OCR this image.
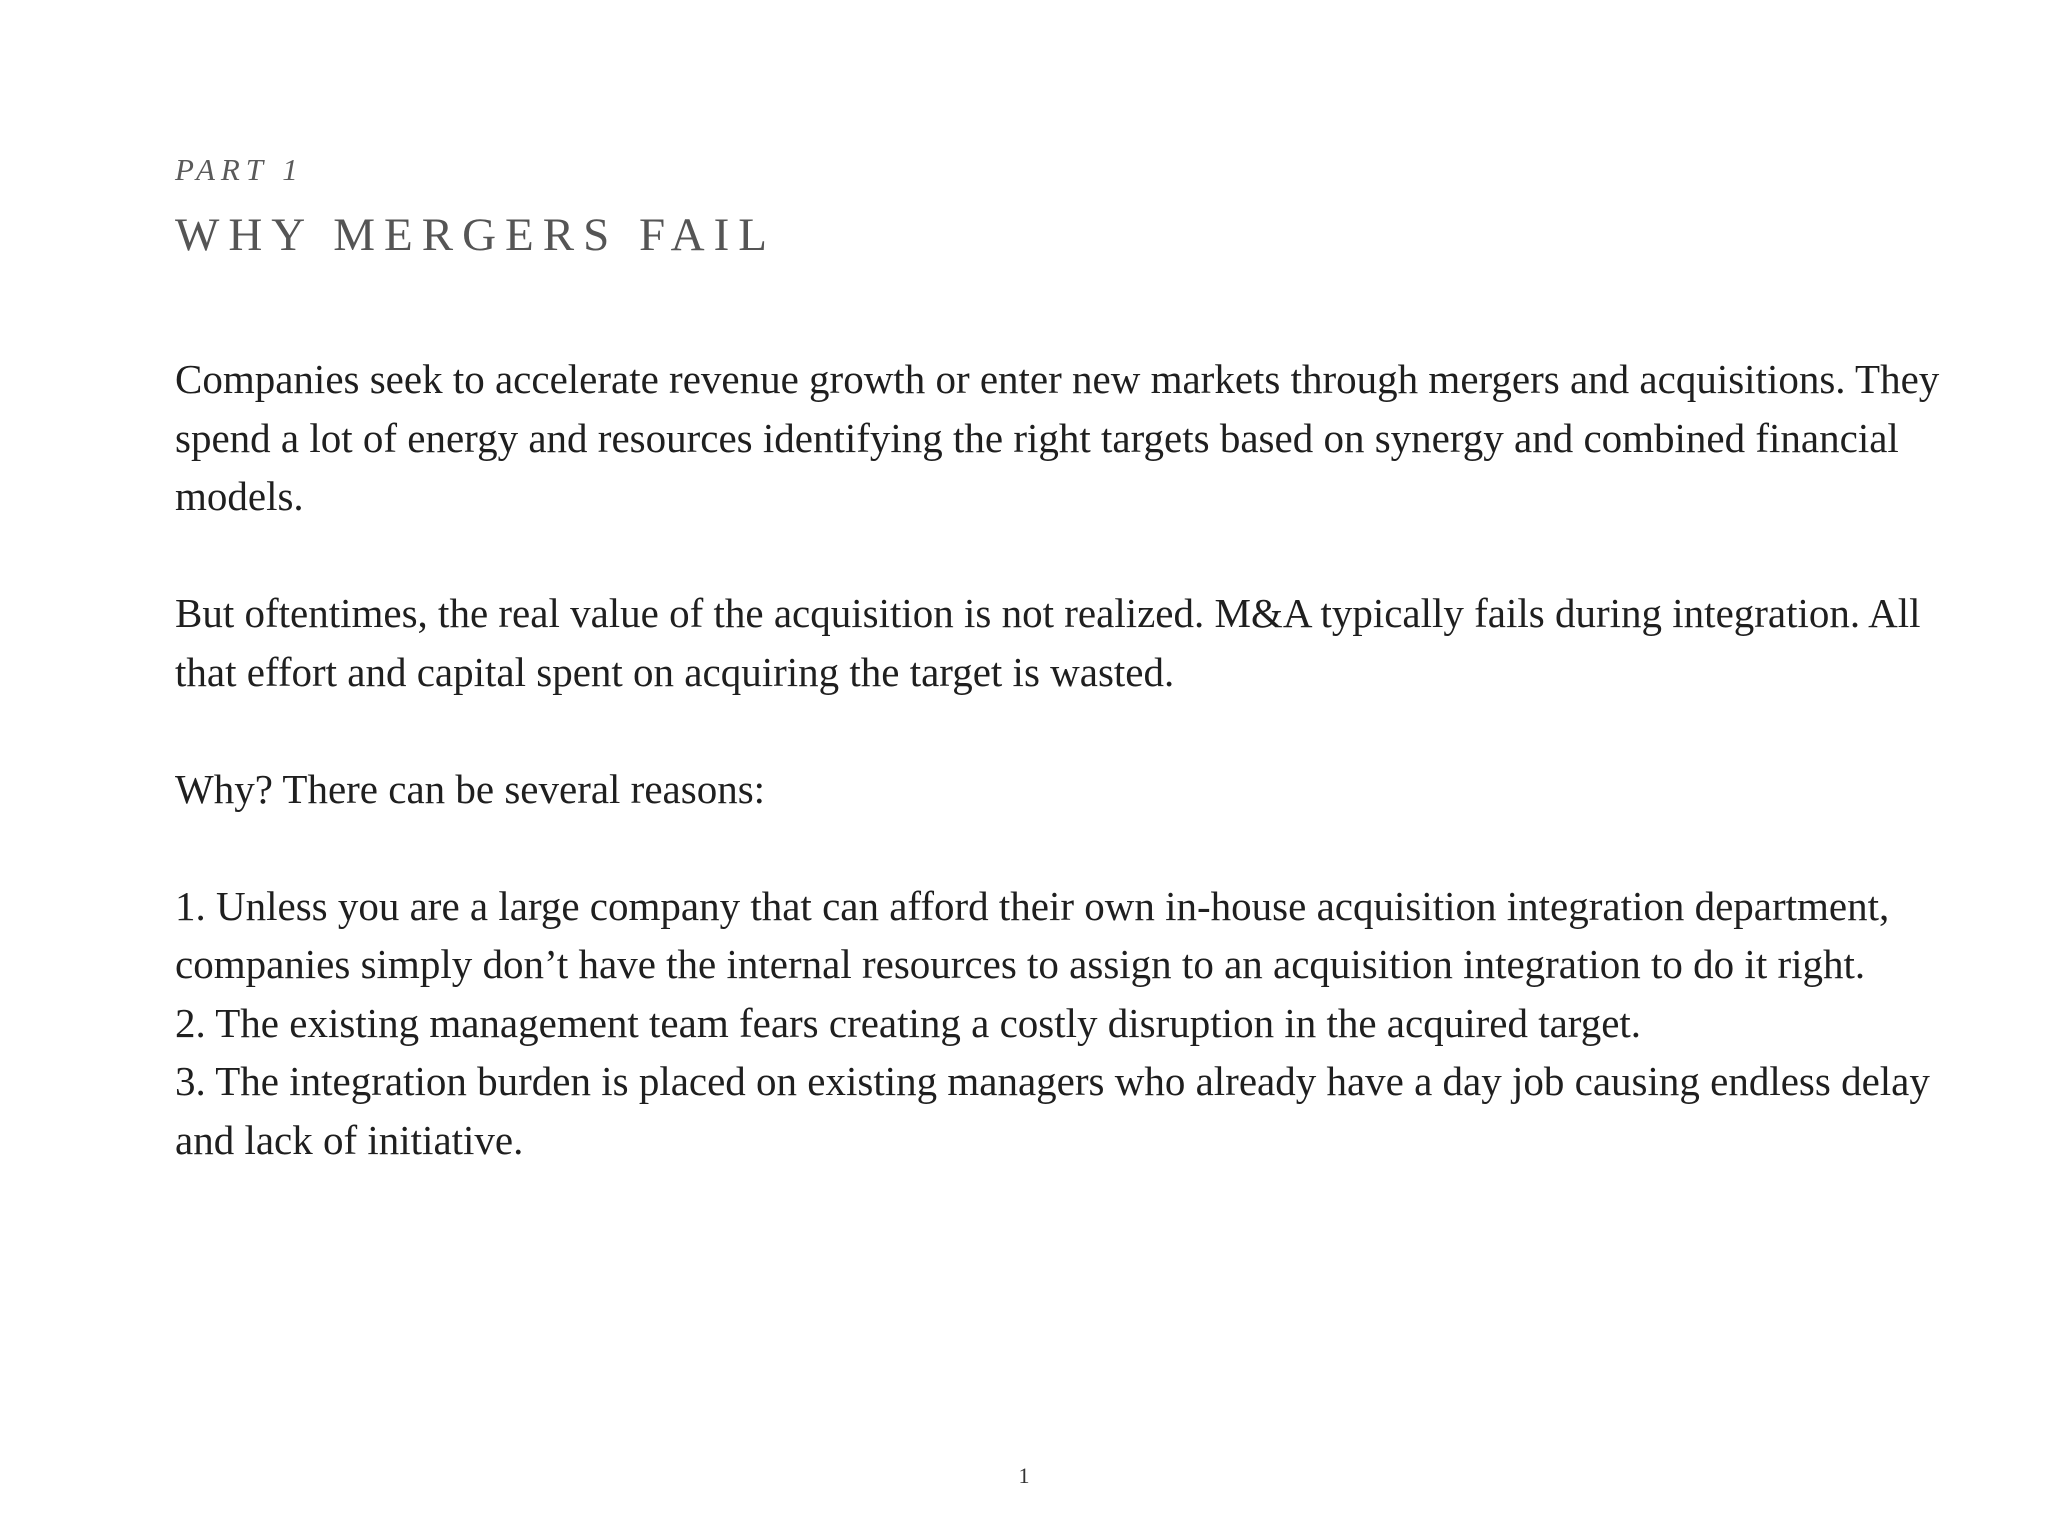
PART 1
WHY MERGERS FAIL

Companies seek to accelerate revenue growth or enter new markets through mergers and acquisitions. They spend a lot of energy and resources identifying the right targets based on synergy and combined financial models.

But oftentimes, the real value of the acquisition is not realized. M&A typically fails during integration. All that effort and capital spent on acquiring the target is wasted.

Why? There can be several reasons:

1. Unless you are a large company that can afford their own in-house acquisition integration department, companies simply don’t have the internal resources to assign to an acquisition integration to do it right.
2. The existing management team fears creating a costly disruption in the acquired target.
3. The integration burden is placed on existing managers who already have a day job causing endless delay and lack of initiative.
1
